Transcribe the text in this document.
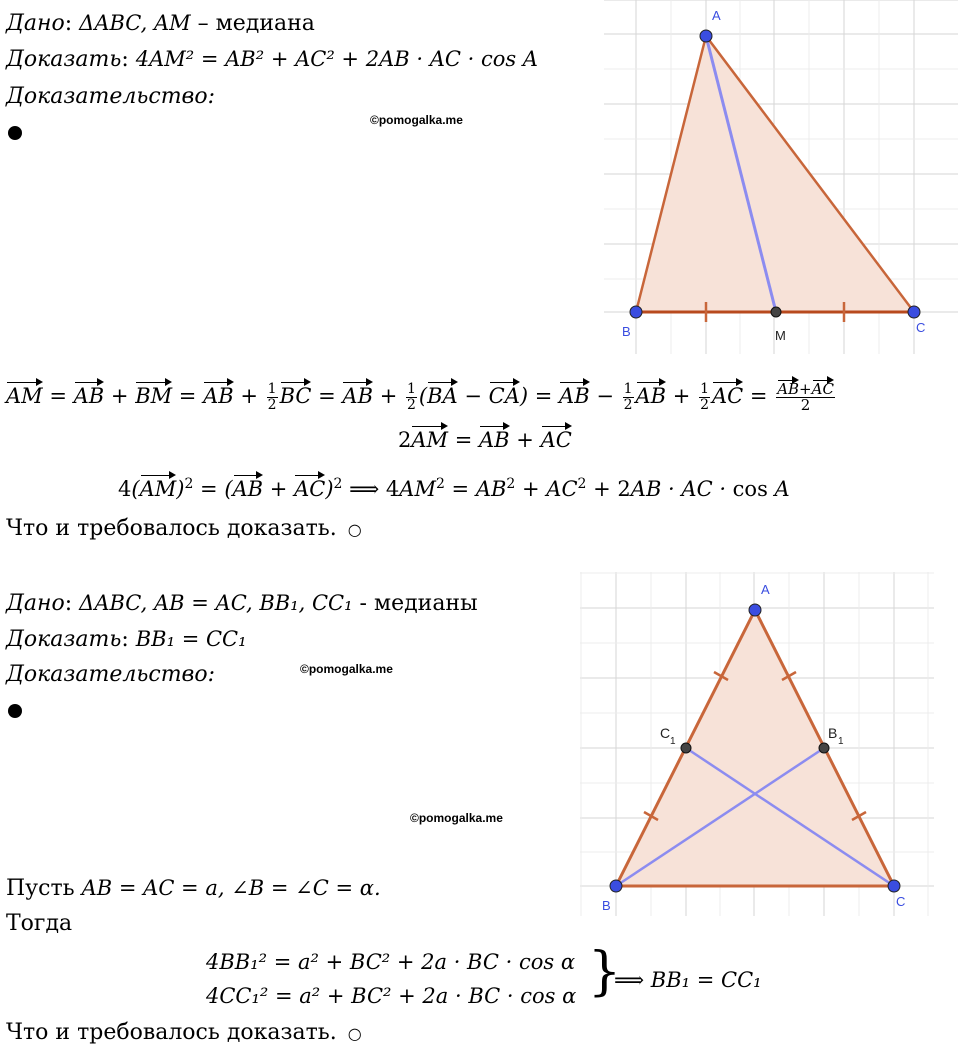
Дано: ΔABC, AM – медиана
Доказать: 4AM² = AB² + AC² + 2AB · AC · cos A
Доказательство:
©pomogalka.me
A
B	C
M
AM = AB + BM = AB + $\frac{1}{2}$ BC = AB + $\frac{1}{2} (BA - CA)$ = AB − $\frac{1}{2}$ AB + $\frac{1}{2}$ AC = $\frac{AB+AC}{2}$
2AM = AB + AC
4(AM)$^2$ = (AB + AC)$^2$ ⟹ $4AM^2 = AB^2 + AC^2 + 2AB$ · AC · cos A
Что и требовалось доказать. ○
Дано: ΔABC, AB = AC, BB₁, CC₁ - медианы
Доказать: BB₁ = CC₁
Доказательство:	©pomogalka.me
©pomogalka.me
A
B	C
C
1
B
1
Пусть AB = AC = a, ∠B = ∠C = α.
Тогда
4BB₁² = a² + BC² + 2a · BC · cos α
4CC₁² = a² + BC² + 2a · BC · cos α }
⟹ BB₁ = CC₁
Что и требовалось доказать. ○
